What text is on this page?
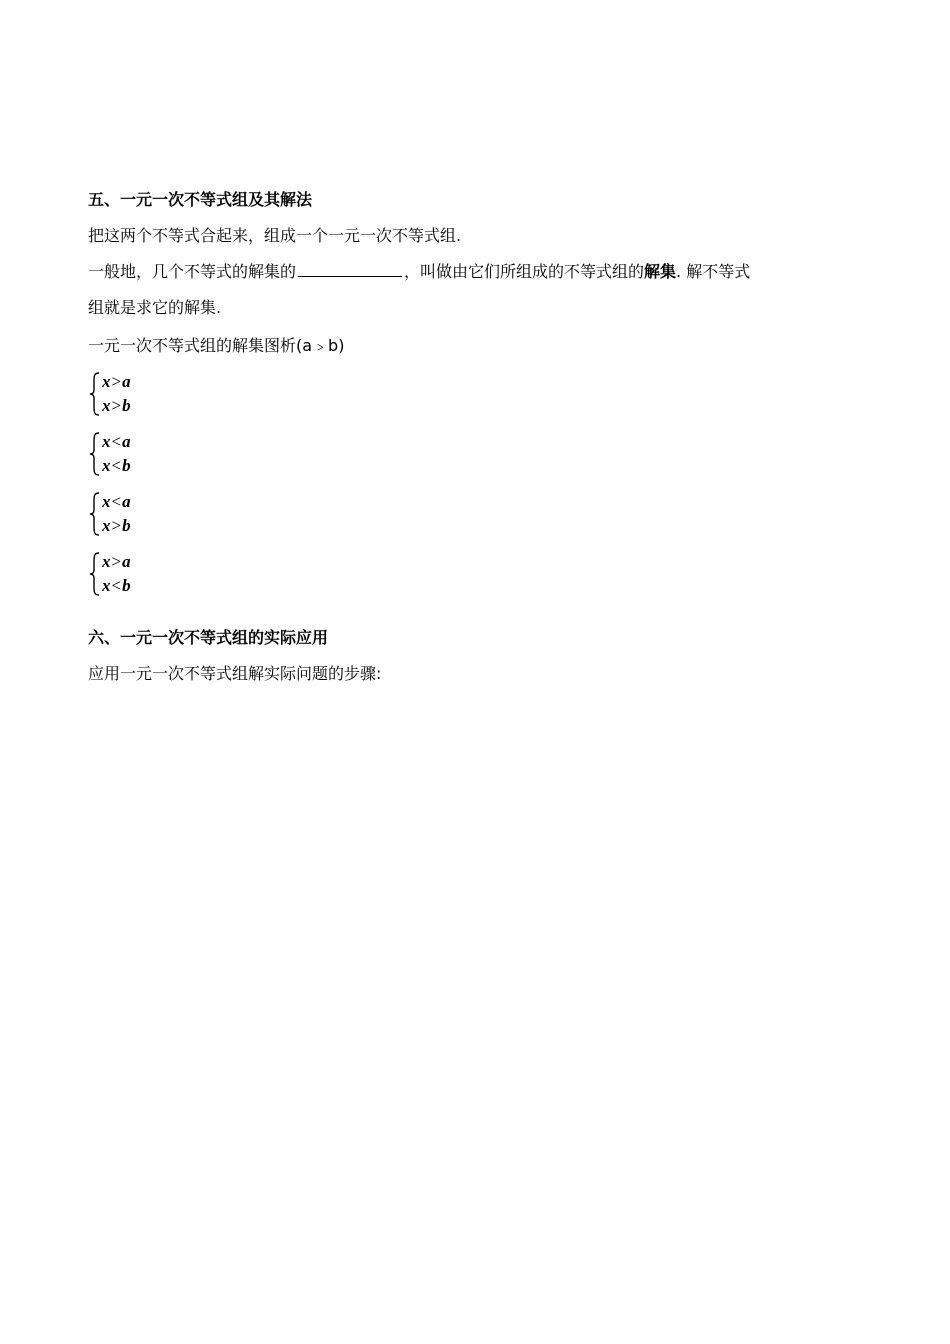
五、一元一次不等式组及其解法
把这两个不等式合起来，组成一个一元一次不等式组.
一般地，几个不等式的解集的	，叫做由它们所组成的不等式组的解集. 解不等式
组就是求它的解集.
一元一次不等式组的解集图析(a﹥b)
x>a
x>b
x<a
x<b
x<a
x>b
x>a
x<b
六、一元一次不等式组的实际应用
应用一元一次不等式组解实际问题的步骤:
